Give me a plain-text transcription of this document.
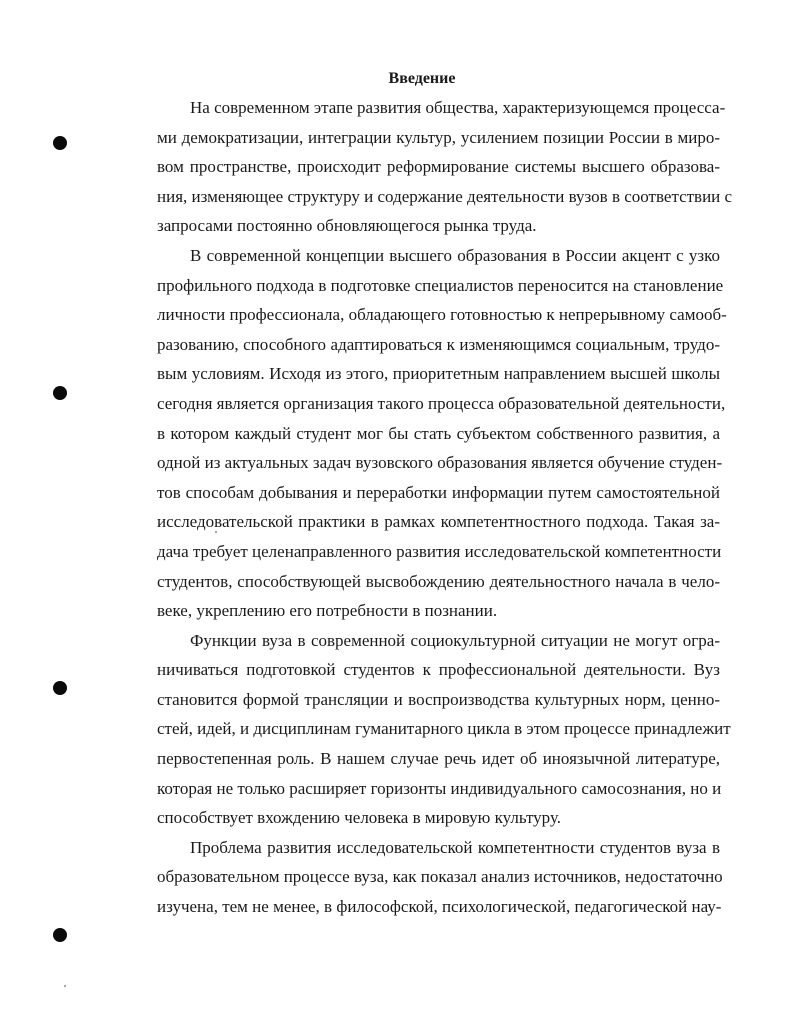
Введение
На современном этапе развития общества, характеризующемся процесса-
ми демократизации, интеграции культур, усилением позиции России в миро-
вом пространстве, происходит реформирование системы высшего образова-
ния, изменяющее структуру и содержание деятельности вузов в соответствии с
запросами постоянно обновляющегося рынка труда.
В современной концепции высшего образования в России акцент с узко
профильного подхода в подготовке специалистов переносится на становление
личности профессионала, обладающего готовностью к непрерывному самооб-
разованию, способного адаптироваться к изменяющимся социальным, трудо-
вым условиям. Исходя из этого, приоритетным направлением высшей школы
сегодня является организация такого процесса образовательной деятельности,
в котором каждый студент мог бы стать субъектом собственного развития, а
одной из актуальных задач вузовского образования является обучение студен-
тов способам добывания и переработки информации путем самостоятельной
исследовательской практики в рамках компетентностного подхода. Такая за-
дача требует целенаправленного развития исследовательской компетентности
студентов, способствующей высвобождению деятельностного начала в чело-
веке, укреплению его потребности в познании.
Функции вуза в современной социокультурной ситуации не могут огра-
ничиваться подготовкой студентов к профессиональной деятельности. Вуз
становится формой трансляции и воспроизводства культурных норм, ценно-
стей, идей, и дисциплинам гуманитарного цикла в этом процессе принадлежит
первостепенная роль. В нашем случае речь идет об иноязычной литературе,
которая не только расширяет горизонты индивидуального самосознания, но и
способствует вхождению человека в мировую культуру.
Проблема развития исследовательской компетентности студентов вуза в
образовательном процессе вуза, как показал анализ источников, недостаточно
изучена, тем не менее, в философской, психологической, педагогической нау-
